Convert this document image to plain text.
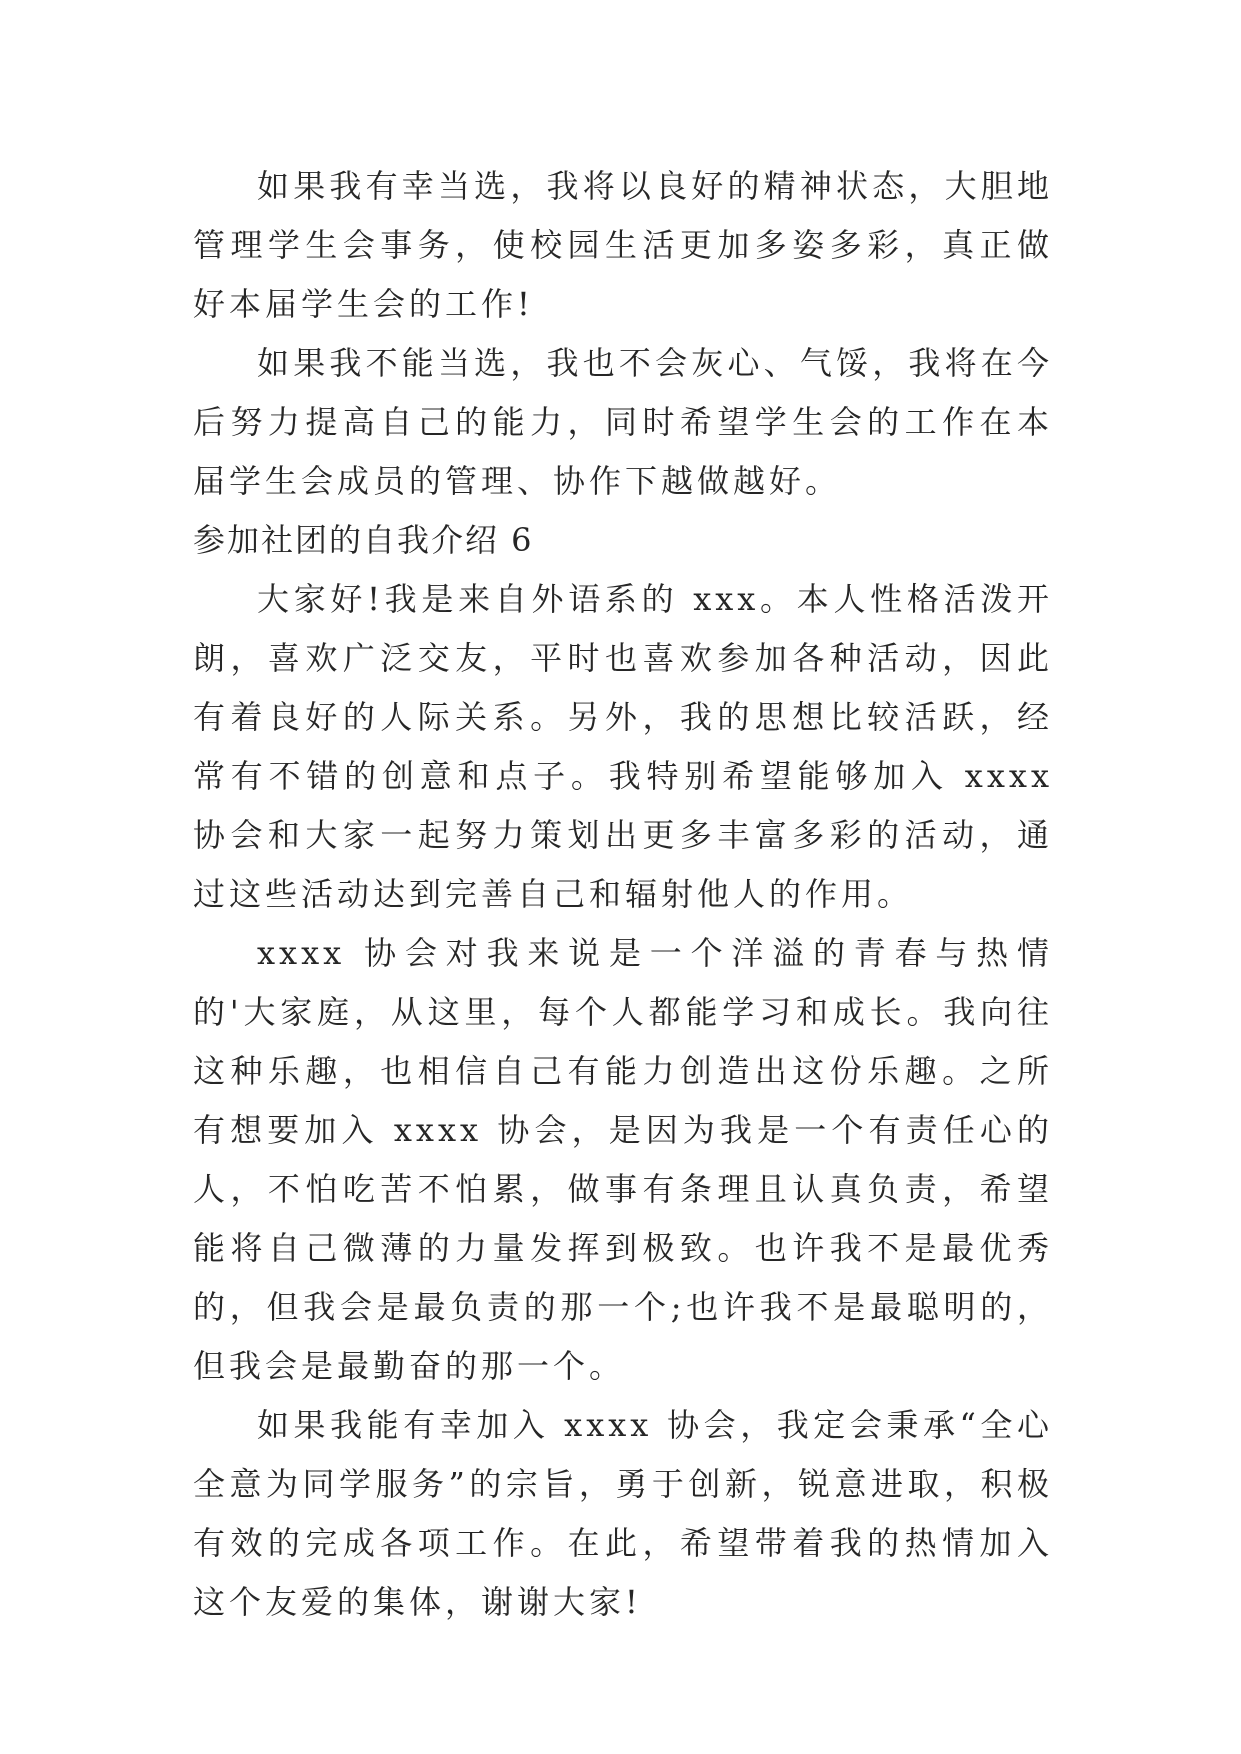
如果我有幸当选，我将以良好的精神状态，大胆地管理学生会事务，使校园生活更加多姿多彩，真正做好本届学生会的工作!

如果我不能当选，我也不会灰心、气馁，我将在今后努力提高自己的能力，同时希望学生会的工作在本届学生会成员的管理、协作下越做越好。

参加社团的自我介绍 6

大家好!我是来自外语系的 xxx。本人性格活泼开朗，喜欢广泛交友，平时也喜欢参加各种活动，因此有着良好的人际关系。另外，我的思想比较活跃，经常有不错的创意和点子。我特别希望能够加入 xxxx 协会和大家一起努力策划出更多丰富多彩的活动，通过这些活动达到完善自己和辐射他人的作用。

xxxx 协会对我来说是一个洋溢的青春与热情的'大家庭，从这里，每个人都能学习和成长。我向往这种乐趣，也相信自己有能力创造出这份乐趣。之所有想要加入 xxxx 协会，是因为我是一个有责任心的人，不怕吃苦不怕累，做事有条理且认真负责，希望能将自己微薄的力量发挥到极致。也许我不是最优秀的，但我会是最负责的那一个;也许我不是最聪明的，但我会是最勤奋的那一个。

如果我能有幸加入 xxxx 协会，我定会秉承“全心全意为同学服务”的宗旨，勇于创新，锐意进取，积极有效的完成各项工作。在此，希望带着我的热情加入这个友爱的集体，谢谢大家!
